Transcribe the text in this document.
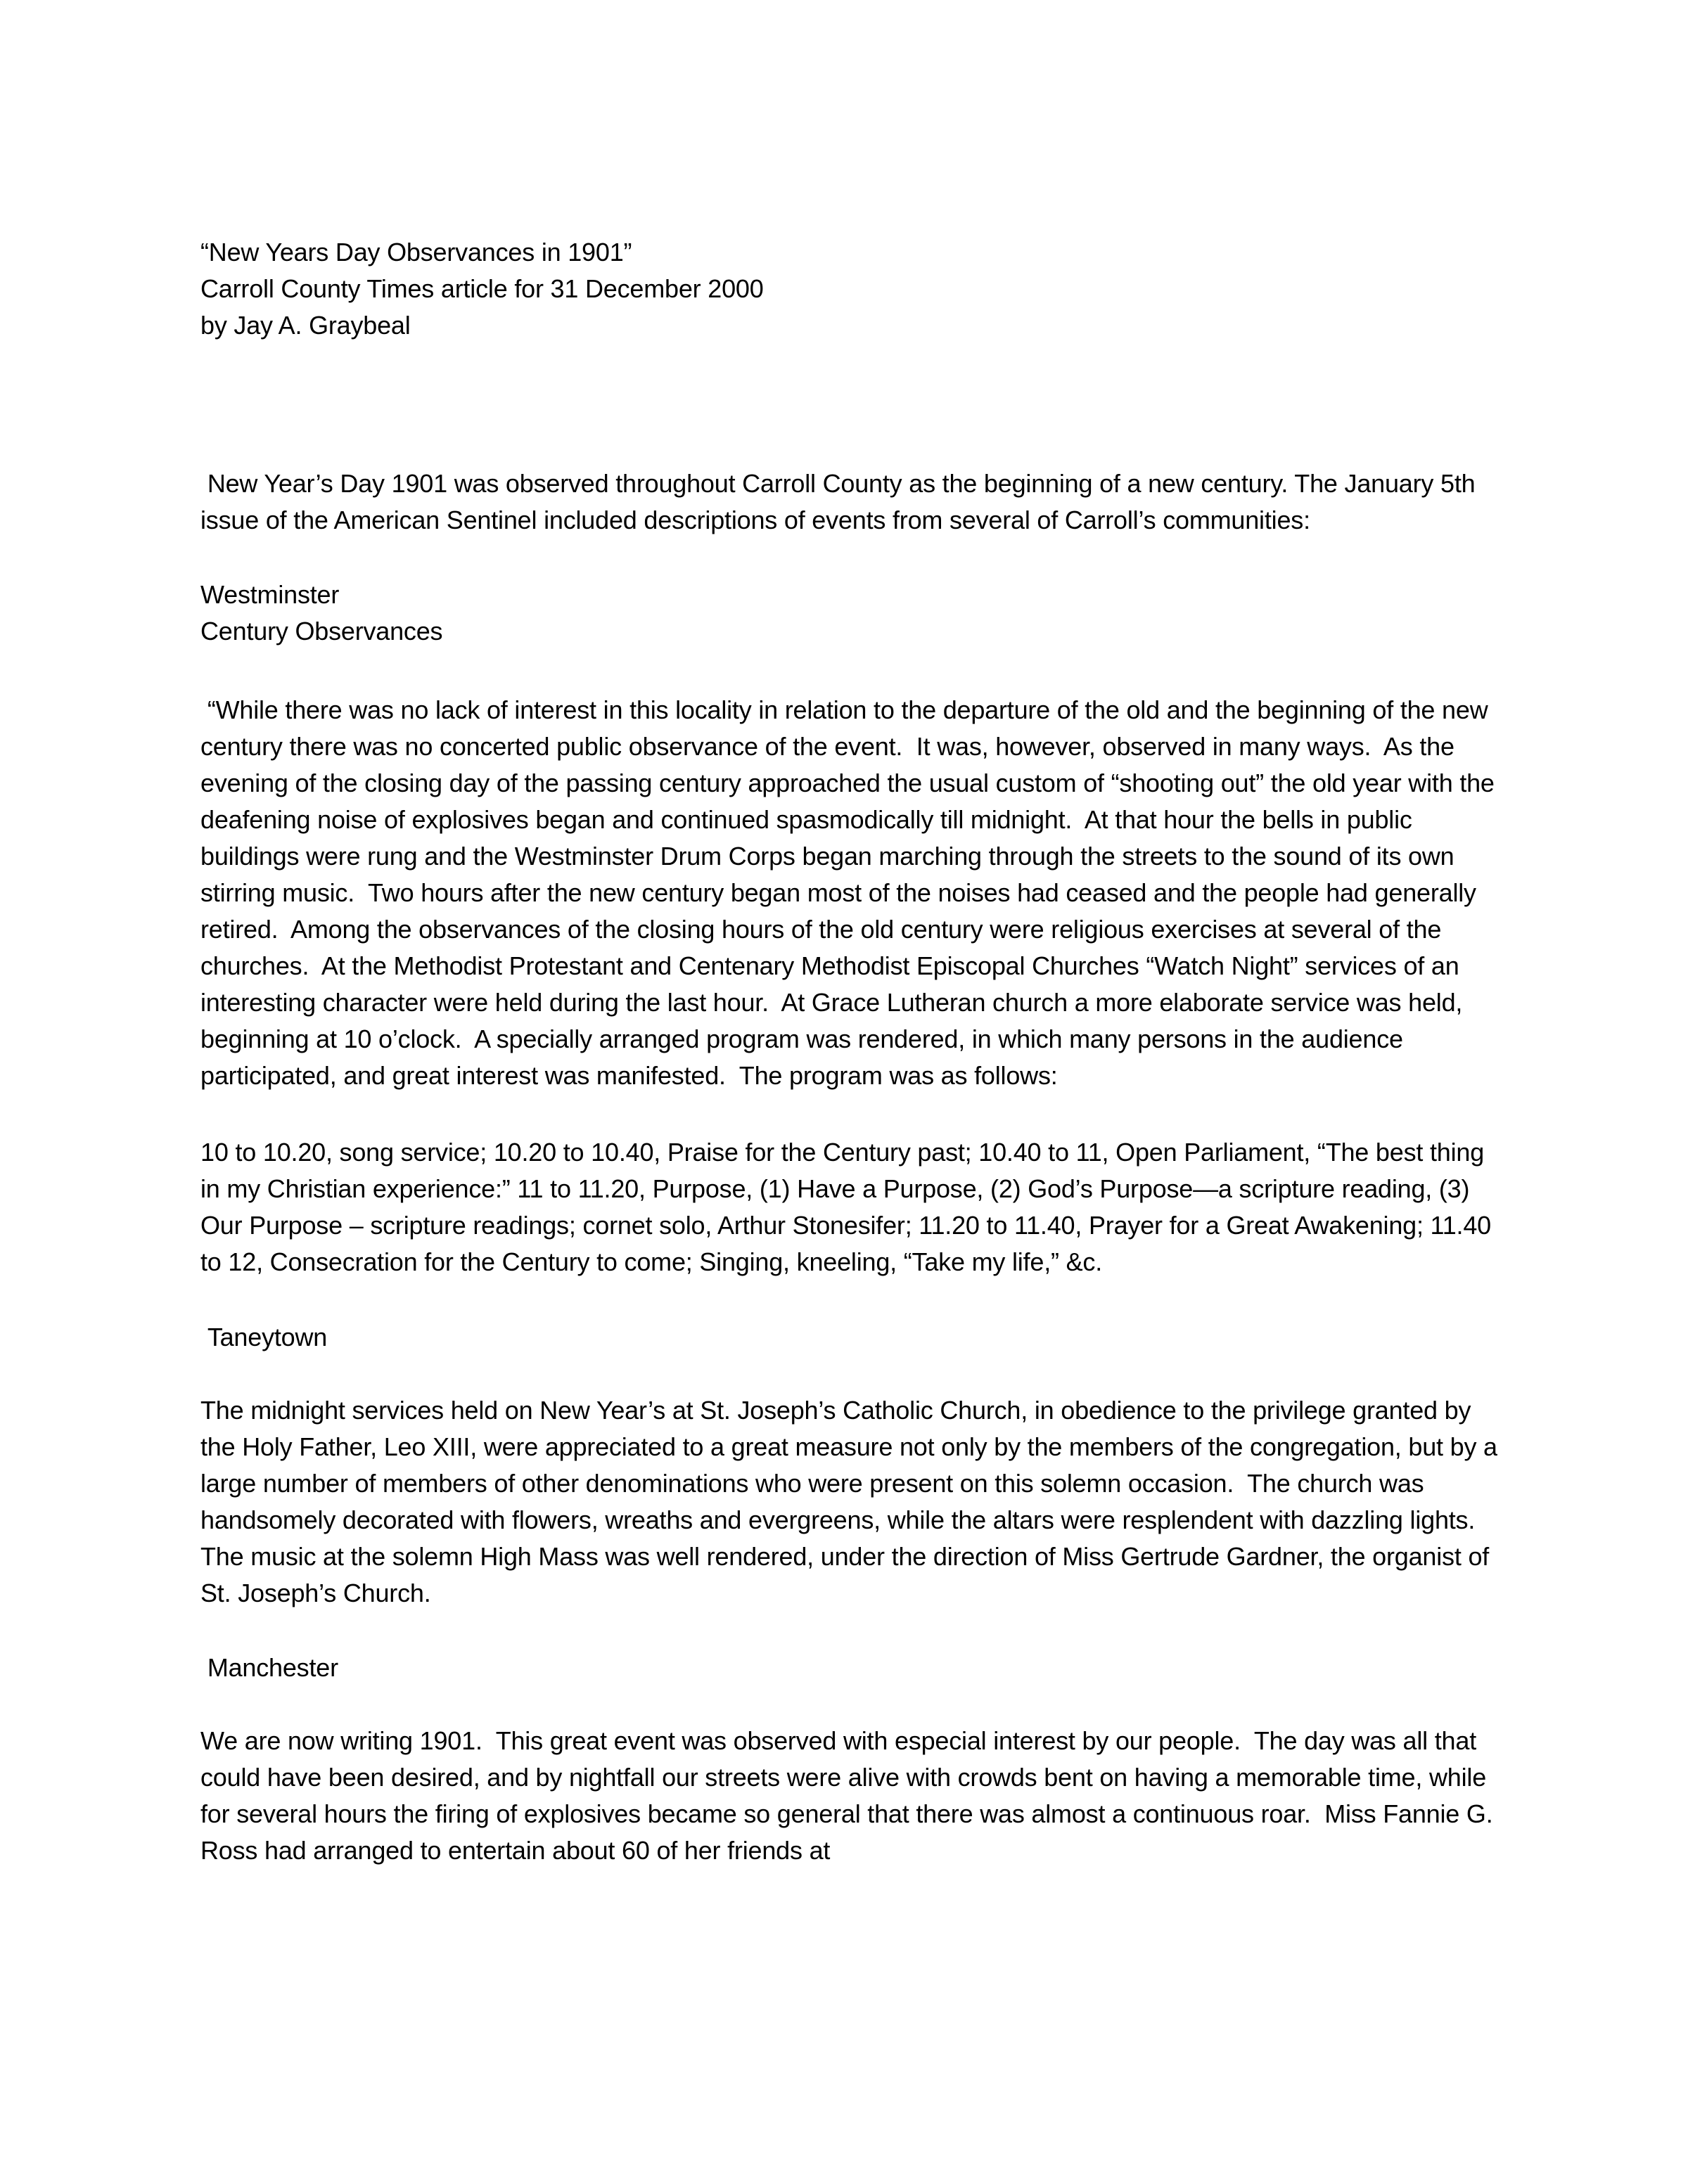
“New Years Day Observances in 1901”

Carroll County Times article for 31 December 2000

by Jay A. Graybeal

New Year’s Day 1901 was observed throughout Carroll County as the beginning of a new century. The January 5th issue of the American Sentinel included descriptions of events from several of Carroll’s communities:

Westminster

Century Observances

“While there was no lack of interest in this locality in relation to the departure of the old and the beginning of the new century there was no concerted public observance of the event.  It was, however, observed in many ways.  As the evening of the closing day of the passing century approached the usual custom of “shooting out” the old year with the deafening noise of explosives began and continued spasmodically till midnight.  At that hour the bells in public buildings were rung and the Westminster Drum Corps began marching through the streets to the sound of its own stirring music.  Two hours after the new century began most of the noises had ceased and the people had generally retired.  Among the observances of the closing hours of the old century were religious exercises at several of the churches.  At the Methodist Protestant and Centenary Methodist Episcopal Churches “Watch Night” services of an interesting character were held during the last hour.  At Grace Lutheran church a more elaborate service was held, beginning at 10 o’clock.  A specially arranged program was rendered, in which many persons in the audience participated, and great interest was manifested.  The program was as follows:

10 to 10.20, song service; 10.20 to 10.40, Praise for the Century past; 10.40 to 11, Open Parliament, “The best thing in my Christian experience:” 11 to 11.20, Purpose, (1) Have a Purpose, (2) God’s Purpose—a scripture reading, (3) Our Purpose – scripture readings; cornet solo, Arthur Stonesifer; 11.20 to 11.40, Prayer for a Great Awakening; 11.40 to 12, Consecration for the Century to come; Singing, kneeling, “Take my life,” &c.

Taneytown

The midnight services held on New Year’s at St. Joseph’s Catholic Church, in obedience to the privilege granted by the Holy Father, Leo XIII, were appreciated to a great measure not only by the members of the congregation, but by a large number of members of other denominations who were present on this solemn occasion.  The church was handsomely decorated with flowers, wreaths and evergreens, while the altars were resplendent with dazzling lights.  The music at the solemn High Mass was well rendered, under the direction of Miss Gertrude Gardner, the organist of St. Joseph’s Church.

Manchester

We are now writing 1901.  This great event was observed with especial interest by our people.  The day was all that could have been desired, and by nightfall our streets were alive with crowds bent on having a memorable time, while for several hours the firing of explosives became so general that there was almost a continuous roar.  Miss Fannie G. Ross had arranged to entertain about 60 of her friends at
